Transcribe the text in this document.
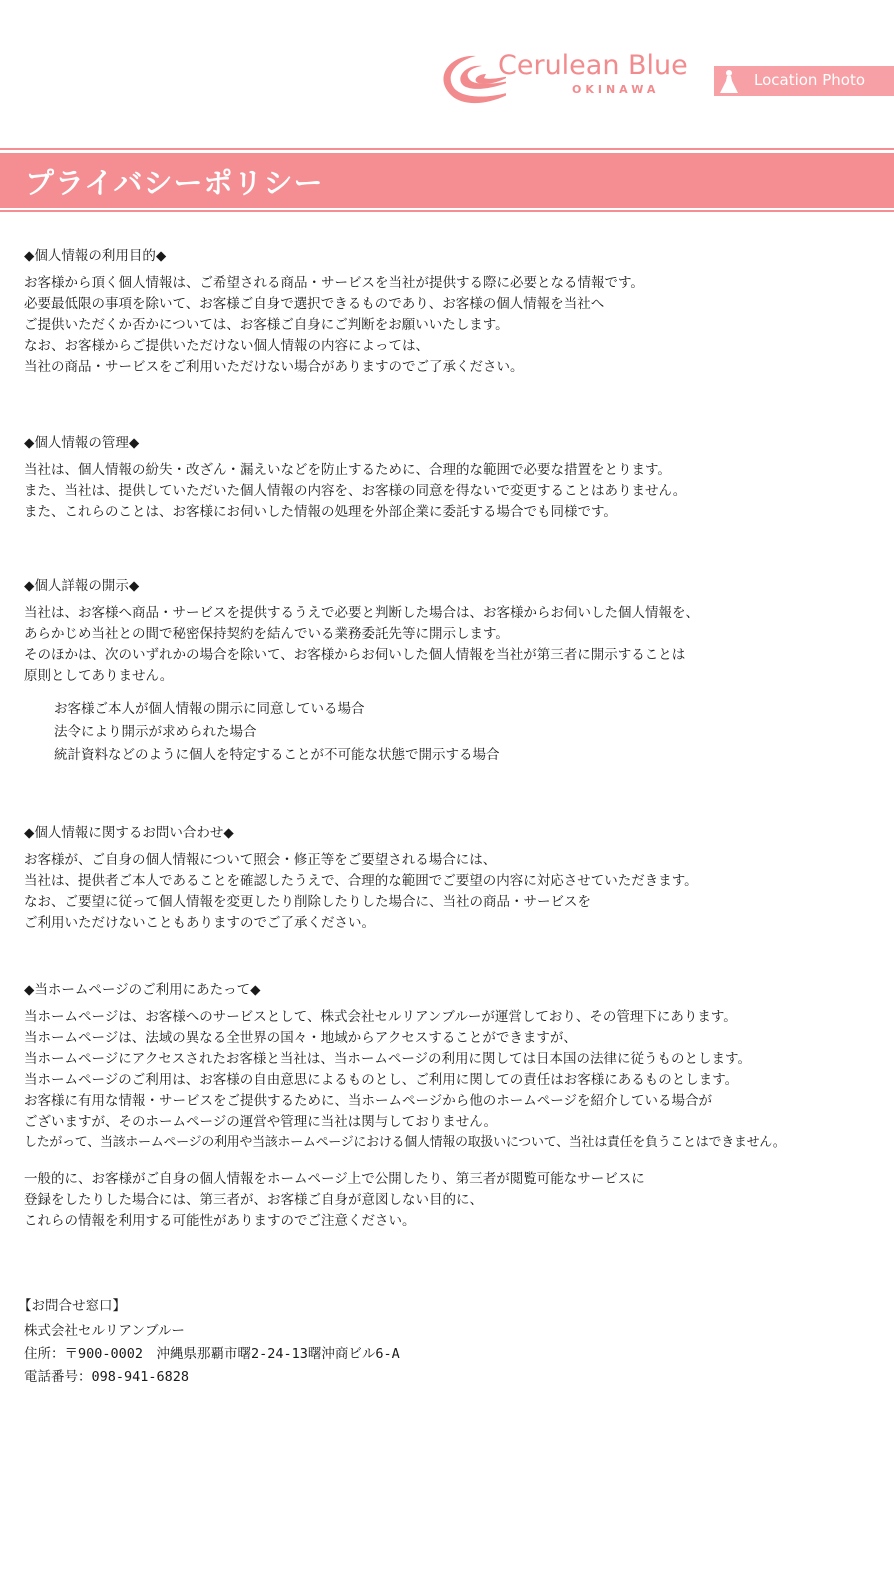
Cerulean Blue
OKINAWA
Location Photo
プライバシーポリシー
◆個人情報の利用目的◆
お客様から頂く個人情報は、ご希望される商品・サービスを当社が提供する際に必要となる情報です。
必要最低限の事項を除いて、お客様ご自身で選択できるものであり、お客様の個人情報を当社へ
ご提供いただくか否かについては、お客様ご自身にご判断をお願いいたします。
なお、お客様からご提供いただけない個人情報の内容によっては、
当社の商品・サービスをご利用いただけない場合がありますのでご了承ください。
◆個人情報の管理◆
当社は、個人情報の紛失・改ざん・漏えいなどを防止するために、合理的な範囲で必要な措置をとります。
また、当社は、提供していただいた個人情報の内容を、お客様の同意を得ないで変更することはありません。
また、これらのことは、お客様にお伺いした情報の処理を外部企業に委託する場合でも同様です。
◆個人詳報の開示◆
当社は、お客様へ商品・サービスを提供するうえで必要と判断した場合は、お客様からお伺いした個人情報を、
あらかじめ当社との間で秘密保持契約を結んでいる業務委託先等に開示します。
そのほかは、次のいずれかの場合を除いて、お客様からお伺いした個人情報を当社が第三者に開示することは
原則としてありません。
お客様ご本人が個人情報の開示に同意している場合
法令により開示が求められた場合
統計資料などのように個人を特定することが不可能な状態で開示する場合
◆個人情報に関するお問い合わせ◆
お客様が、ご自身の個人情報について照会・修正等をご要望される場合には、
当社は、提供者ご本人であることを確認したうえで、合理的な範囲でご要望の内容に対応させていただきます。
なお、ご要望に従って個人情報を変更したり削除したりした場合に、当社の商品・サービスを
ご利用いただけないこともありますのでご了承ください。
◆当ホームページのご利用にあたって◆
当ホームページは、お客様へのサービスとして、株式会社セルリアンブルーが運営しており、その管理下にあります。
当ホームページは、法域の異なる全世界の国々・地域からアクセスすることができますが、
当ホームページにアクセスされたお客様と当社は、当ホームページの利用に関しては日本国の法律に従うものとします。
当ホームページのご利用は、お客様の自由意思によるものとし、ご利用に関しての責任はお客様にあるものとします。
お客様に有用な情報・サービスをご提供するために、当ホームページから他のホームページを紹介している場合が
ございますが、そのホームページの運営や管理に当社は関与しておりません。
したがって、当該ホームページの利用や当該ホームページにおける個人情報の取扱いについて、当社は責任を負うことはできません。
一般的に、お客様がご自身の個人情報をホームページ上で公開したり、第三者が閲覧可能なサービスに
登録をしたりした場合には、第三者が、お客様ご自身が意図しない目的に、
これらの情報を利用する可能性がありますのでご注意ください。
【お問合せ窓口】
株式会社セルリアンブルー
住所：〒900-0002　沖縄県那覇市曙2-24-13曙沖商ビル6-A
電話番号：098-941-6828
